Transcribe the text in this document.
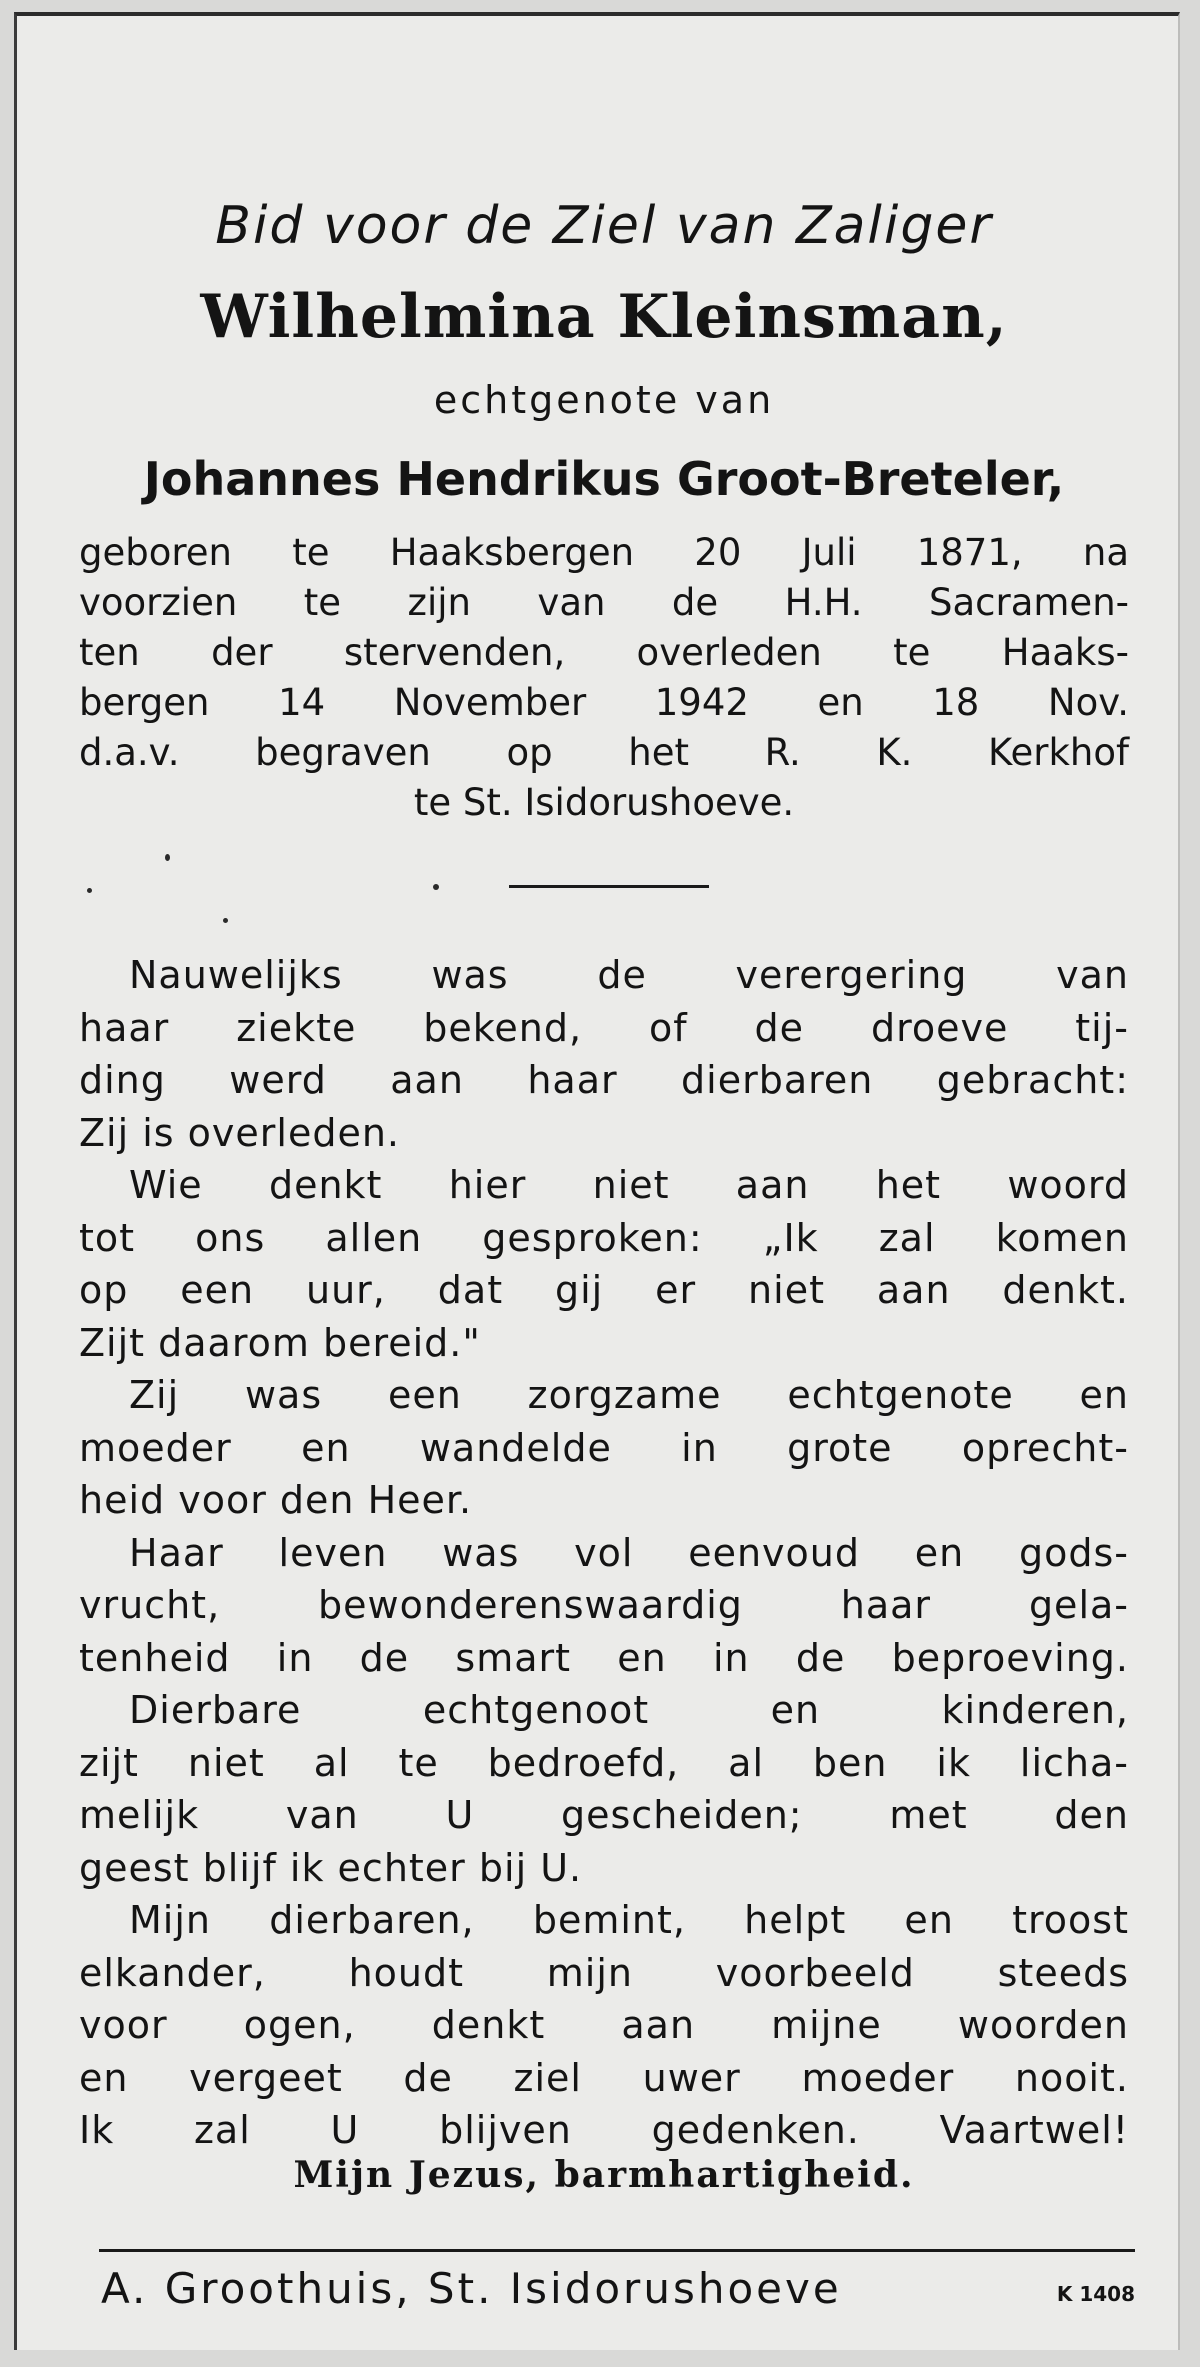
Bid voor de Ziel van Zaliger
Wilhelmina Kleinsman,
echtgenote van
Johannes Hendrikus Groot-Breteler,
geboren te Haaksbergen 20 Juli 1871, na
voorzien te zijn van de H.H. Sacramen-
ten der stervenden, overleden te Haaks-
bergen 14 November 1942 en 18 Nov.
d.a.v. begraven op het R. K. Kerkhof
te St. Isidorushoeve.
Nauwelijks was de verergering van
haar ziekte bekend, of de droeve tij-
ding werd aan haar dierbaren gebracht:
Zij is overleden.
Wie denkt hier niet aan het woord
tot ons allen gesproken: „Ik zal komen
op een uur, dat gij er niet aan denkt.
Zijt daarom bereid."
Zij was een zorgzame echtgenote en
moeder en wandelde in grote oprecht-
heid voor den Heer.
Haar leven was vol eenvoud en gods-
vrucht, bewonderenswaardig haar gela-
tenheid in de smart en in de beproeving.
Dierbare echtgenoot en kinderen,
zijt niet al te bedroefd, al ben ik licha-
melijk van U gescheiden; met den
geest blijf ik echter bij U.
Mijn dierbaren, bemint, helpt en troost
elkander, houdt mijn voorbeeld steeds
voor ogen, denkt aan mijne woorden
en vergeet de ziel uwer moeder nooit.
Ik zal U blijven gedenken. Vaartwel!
Mijn Jezus, barmhartigheid.
A. Groothuis, St. Isidorushoeve	K 1408
